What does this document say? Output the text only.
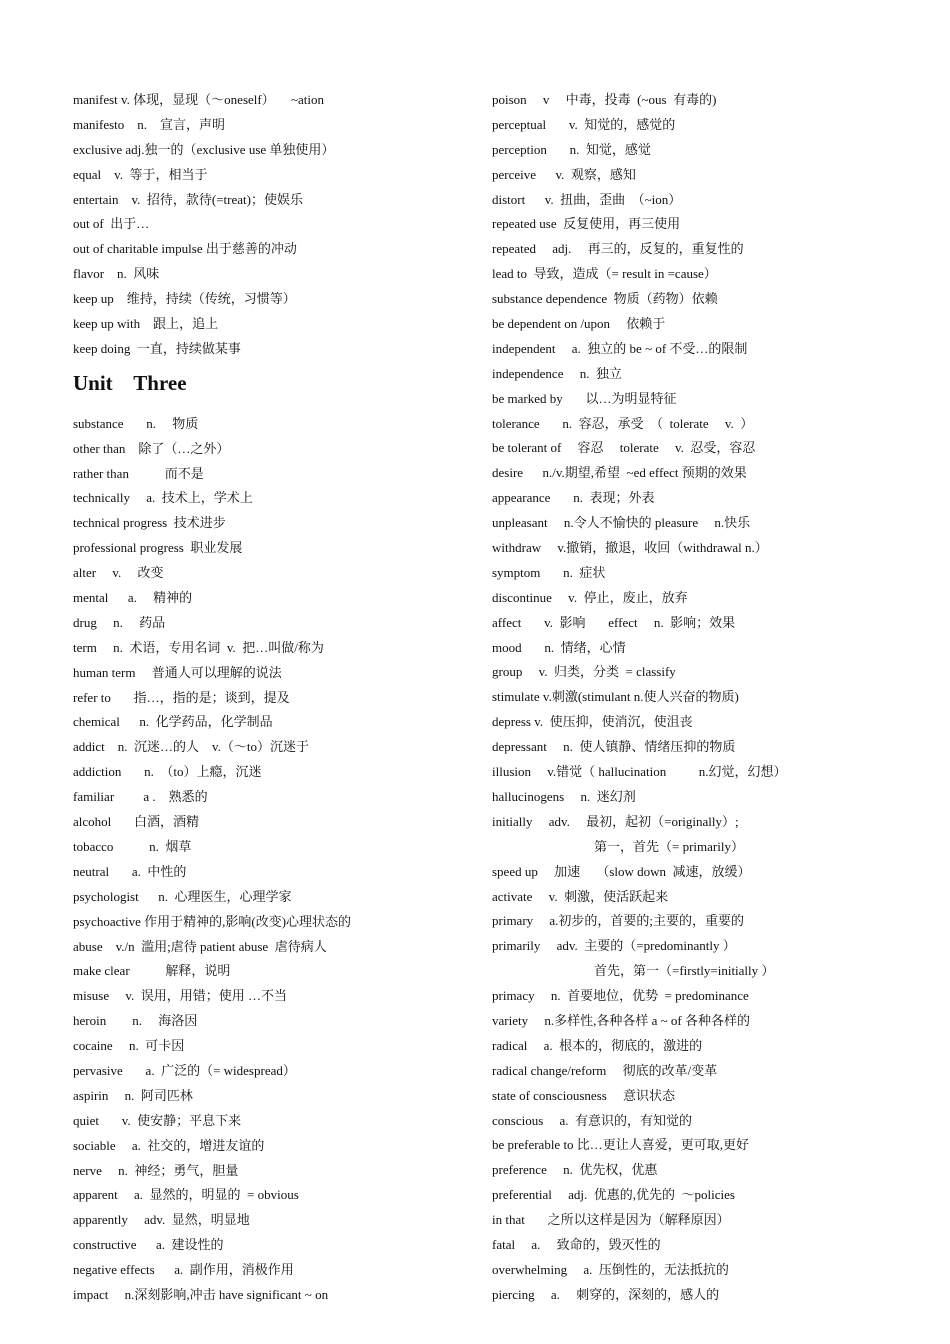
manifest v. 体现，显现（～oneself）     ~ation
manifesto    n.    宣言，声明
exclusive adj.独一的（exclusive use 单独使用）
equal    v.  等于，相当于
entertain    v.  招待，款待(=treat)；使娱乐
out of  出于…
out of charitable impulse 出于慈善的冲动
flavor    n.  风味
keep up    维持，持续（传统，习惯等）
keep up with    跟上，追上
keep doing  一直，持续做某事
Unit    Three
substance       n.     物质
other than    除了（…之外）
rather than           而不是
technically     a.  技术上，学术上
technical progress  技术进步
professional progress  职业发展
alter     v.     改变
mental      a.     精神的
drug     n.     药品
term     n.  术语，专用名词  v.  把…叫做/称为
human term     普通人可以理解的说法
refer to       指…，指的是；谈到，提及
chemical      n.  化学药品，化学制品
addict    n.  沉迷…的人    v.（～to）沉迷于
addiction       n.  （to）上瘾，沉迷
familiar         a .    熟悉的
alcohol       白酒，酒精
tobacco           n.  烟草
neutral       a.  中性的
psychologist      n.  心理医生，心理学家
psychoactive 作用于精神的,影响(改变)心理状态的
abuse    v./n  滥用;虐待 patient abuse  虐待病人
make clear           解释，说明
misuse     v.  误用，用错；使用 …不当
heroin        n.     海洛因
cocaine     n.  可卡因
pervasive       a.  广泛的（= widespread）
aspirin     n.  阿司匹林
quiet       v.  使安静；平息下来
sociable     a.  社交的，增进友谊的
nerve     n.  神经；勇气，胆量
apparent     a.  显然的，明显的  = obvious
apparently     adv.  显然，明显地
constructive      a.  建设性的
negative effects      a.  副作用，消极作用
impact     n.深刻影响,冲击 have significant ~ on
poison     v     中毒，投毒  (~ous  有毒的)
perceptual       v.  知觉的，感觉的
perception       n.  知觉，感觉
perceive      v.  观察，感知
distort      v.  扭曲，歪曲  （~ion）
repeated use  反复使用，再三使用
repeated     adj.     再三的，反复的，重复性的
lead to  导致，造成（= result in =cause）
substance dependence  物质（药物）依赖
be dependent on /upon     依赖于
independent     a.  独立的 be ~ of 不受…的限制
independence     n.  独立
be marked by       以…为明显特征
tolerance       n.  容忍，承受  （  tolerate     v.  ）
be tolerant of     容忍     tolerate     v.  忍受，容忍
desire      n./v.期望,希望  ~ed effect 预期的效果
appearance       n.  表现；外表
unpleasant     n.令人不愉快的 pleasure     n.快乐
withdraw     v.撤销，撤退，收回（withdrawal n.）
symptom       n.  症状
discontinue     v.  停止，废止，放弃
affect       v.  影响       effect     n.  影响；效果
mood       n.  情绪，心情
group     v.  归类，分类  = classify
stimulate v.刺激(stimulant n.使人兴奋的物质)
depress v.  使压抑，使消沉，使沮丧
depressant     n.  使人镇静、情绪压抑的物质
illusion     v.错觉（ hallucination          n.幻觉，幻想）
hallucinogens     n.  迷幻剂
initially     adv.     最初，起初（=originally）;
第一，首先（= primarily）
speed up     加速     （slow down  减速，放缓）
activate     v.  刺激，使活跃起来
primary     a.初步的，首要的;主要的，重要的
primarily     adv.  主要的（=predominantly ）
首先，第一（=firstly=initially ）
primacy     n.  首要地位，优势  = predominance
variety     n.多样性,各种各样 a ~ of 各种各样的
radical     a.  根本的，彻底的，激进的
radical change/reform     彻底的改革/变革
state of consciousness     意识状态
conscious     a.  有意识的，有知觉的
be preferable to 比…更让人喜爱，更可取,更好
preference     n.  优先权，优惠
preferential     adj.  优惠的,优先的  ～policies
in that       之所以这样是因为（解释原因）
fatal     a.     致命的，毁灭性的
overwhelming     a.  压倒性的，无法抵抗的
piercing     a.     刺穿的，深刻的，感人的
